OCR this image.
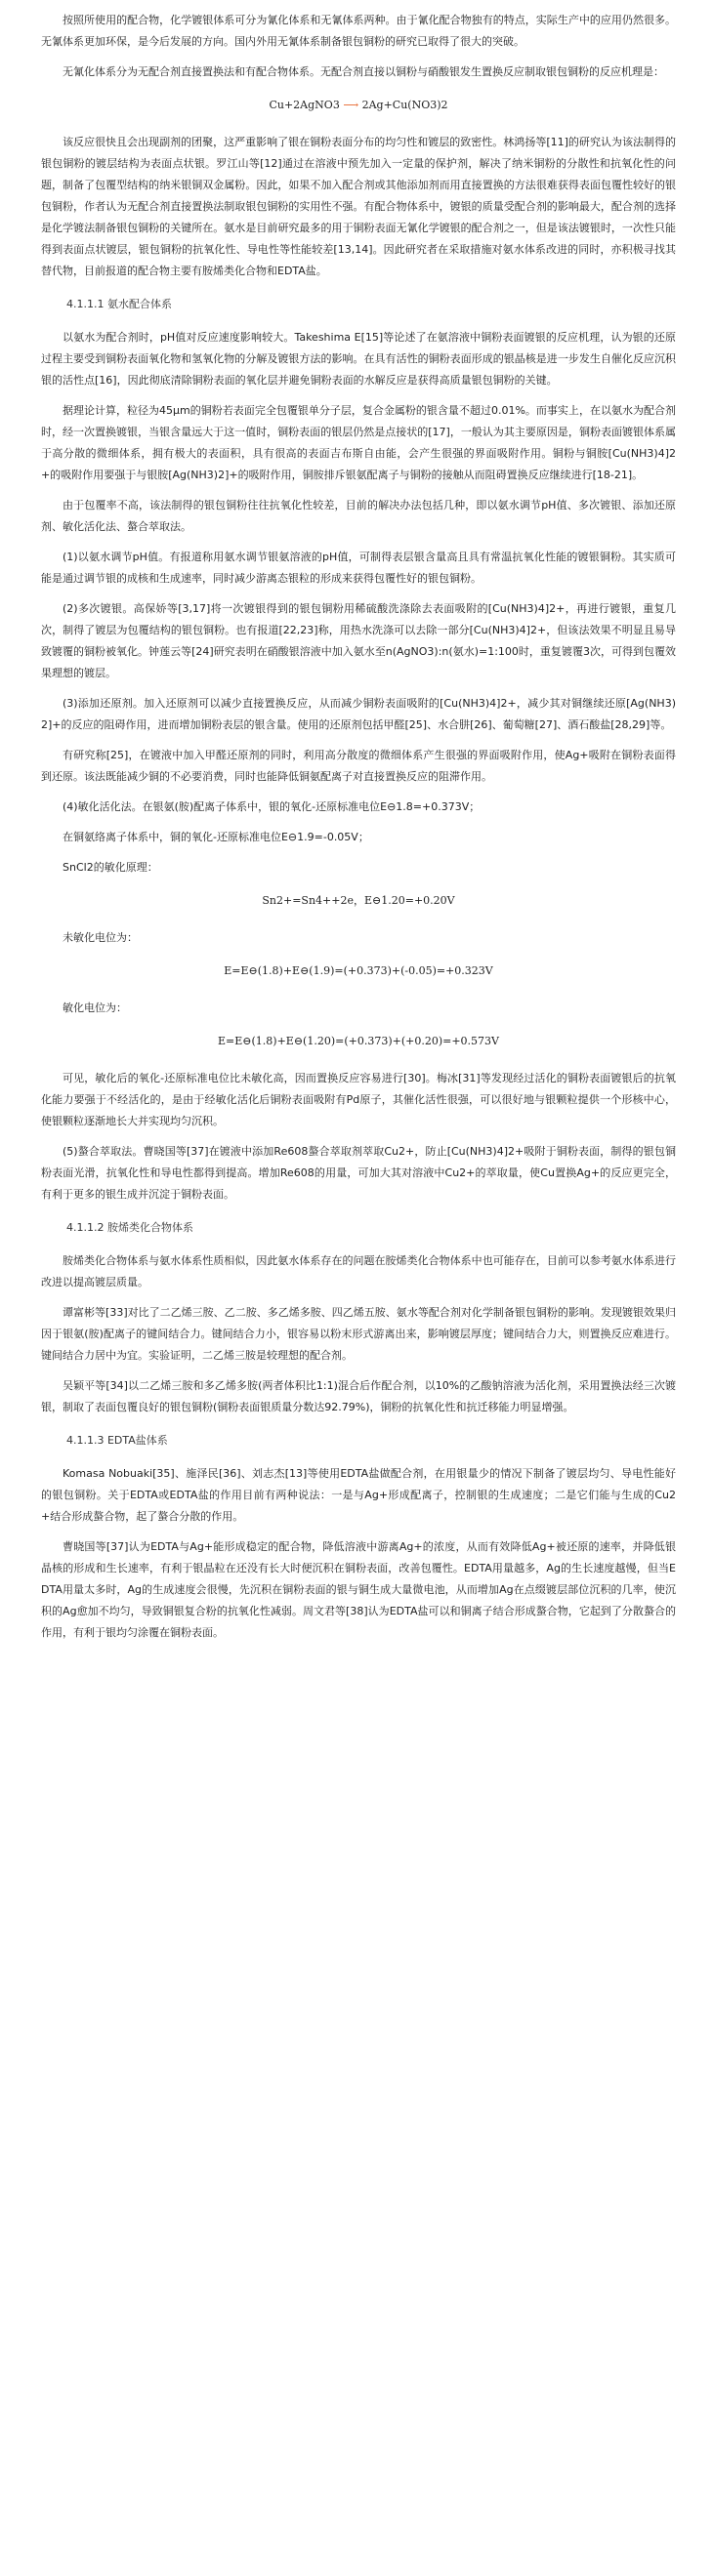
按照所使用的配合物，化学镀银体系可分为氰化体系和无氰体系两种。由于氰化配合物独有的特点，实际生产中的应用仍然很多。无氰体系更加环保，是今后发展的方向。国内外用无氰体系制备银包铜粉的研究已取得了很大的突破。

无氰化体系分为无配合剂直接置换法和有配合物体系。无配合剂直接以铜粉与硝酸银发生置换反应制取银包铜粉的反应机理是：

Cu+2AgNO3 ⟶ 2Ag+Cu(NO3)2

该反应很快且会出现副剂的团聚，这严重影响了银在铜粉表面分布的均匀性和镀层的致密性。林鸿扬等[11]的研究认为该法制得的银包铜粉的镀层结构为表面点状银。罗江山等[12]通过在溶液中预先加入一定量的保护剂，解决了纳米铜粉的分散性和抗氧化性的问题，制备了包覆型结构的纳米银铜双金属粉。因此，如果不加入配合剂或其他添加剂而用直接置换的方法很难获得表面包覆性较好的银包铜粉，作者认为无配合剂直接置换法制取银包铜粉的实用性不强。有配合物体系中，镀银的质量受配合剂的影响最大，配合剂的选择是化学镀法制备银包铜粉的关键所在。氨水是目前研究最多的用于铜粉表面无氰化学镀银的配合剂之一，但是该法镀银时，一次性只能得到表面点状镀层，银包铜粉的抗氧化性、导电性等性能较差[13,14]。因此研究者在采取措施对氨水体系改进的同时，亦积极寻找其替代物，目前报道的配合物主要有胺烯类化合物和EDTA盐。

4.1.1.1 氨水配合体系

以氨水为配合剂时，pH值对反应速度影响较大。Takeshima E[15]等论述了在氨溶液中铜粉表面镀银的反应机理，认为银的还原过程主要受到铜粉表面氧化物和氢氧化物的分解及镀银方法的影响。在具有活性的铜粉表面形成的银晶核是进一步发生自催化反应沉积银的活性点[16]，因此彻底清除铜粉表面的氧化层并避免铜粉表面的水解反应是获得高质量银包铜粉的关键。

据理论计算，粒径为45μm的铜粉若表面完全包覆银单分子层，复合金属粉的银含量不超过0.01%。而事实上，在以氨水为配合剂时，经一次置换镀银，当银含量远大于这一值时，铜粉表面的银层仍然是点接状的[17]，一般认为其主要原因是，铜粉表面镀银体系属于高分散的微细体系，拥有极大的表面积，具有很高的表面吉布斯自由能，会产生很强的界面吸附作用。铜粉与铜胺[Cu(NH3)4]2+的吸附作用要强于与银胺[Ag(NH3)2]+的吸附作用，铜胺排斥银氨配离子与铜粉的接触从而阻碍置换反应继续进行[18-21]。

由于包覆率不高，该法制得的银包铜粉往往抗氧化性较差，目前的解决办法包括几种，即以氨水调节pH值、多次镀银、添加还原剂、敏化活化法、螯合萃取法。

(1)以氨水调节pH值。有报道称用氨水调节银氨溶液的pH值，可制得表层银含量高且具有常温抗氧化性能的镀银铜粉。其实质可能是通过调节银的成核和生成速率，同时减少游离态银粒的形成来获得包覆性好的银包铜粉。

(2)多次镀银。高保娇等[3,17]将一次镀银得到的银包铜粉用稀硫酸洗涤除去表面吸附的[Cu(NH3)4]2+，再进行镀银，重复几次，制得了镀层为包覆结构的银包铜粉。也有报道[22,23]称，用热水洗涤可以去除一部分[Cu(NH3)4]2+，但该法效果不明显且易导致镀覆的铜粉被氧化。钟莲云等[24]研究表明在硝酸银溶液中加入氨水至n(AgNO3):n(氨水)=1:100时，重复镀覆3次，可得到包覆效果理想的镀层。

(3)添加还原剂。加入还原剂可以减少直接置换反应，从而减少铜粉表面吸附的[Cu(NH3)4]2+，减少其对铜继续还原[Ag(NH3)2]+的反应的阻碍作用，进而增加铜粉表层的银含量。使用的还原剂包括甲醛[25]、水合肼[26]、葡萄糖[27]、酒石酸盐[28,29]等。

有研究称[25]，在镀液中加入甲醛还原剂的同时，利用高分散度的微细体系产生很强的界面吸附作用，使Ag+吸附在铜粉表面得到还原。该法既能减少铜的不必要消费，同时也能降低铜氨配离子对直接置换反应的阻滞作用。

(4)敏化活化法。在银氨(胺)配离子体系中，银的氧化-还原标准电位E⊖1.8=+0.373V；

在铜氨络离子体系中，铜的氧化-还原标准电位E⊖1.9=-0.05V；

SnCl2的敏化原理：

Sn2+=Sn4++2e，E⊖1.20=+0.20V

未敏化电位为：

E=E⊖(1.8)+E⊖(1.9)=(+0.373)+(-0.05)=+0.323V

敏化电位为：

E=E⊖(1.8)+E⊖(1.20)=(+0.373)+(+0.20)=+0.573V

可见，敏化后的氧化-还原标准电位比未敏化高，因而置换反应容易进行[30]。梅冰[31]等发现经过活化的铜粉表面镀银后的抗氧化能力要强于不经活化的，是由于经敏化活化后铜粉表面吸附有Pd原子，其催化活性很强，可以很好地与银颗粒提供一个形核中心，使银颗粒逐渐地长大并实现均匀沉积。

(5)螯合萃取法。曹晓国等[37]在镀液中添加Re608螯合萃取剂萃取Cu2+，防止[Cu(NH3)4]2+吸附于铜粉表面，制得的银包铜粉表面光滑，抗氧化性和导电性都得到提高。增加Re608的用量，可加大其对溶液中Cu2+的萃取量，使Cu置换Ag+的反应更完全，有利于更多的银生成并沉淀于铜粉表面。

4.1.1.2 胺烯类化合物体系

胺烯类化合物体系与氨水体系性质相似，因此氨水体系存在的问题在胺烯类化合物体系中也可能存在，目前可以参考氨水体系进行改进以提高镀层质量。

谭富彬等[33]对比了二乙烯三胺、乙二胺、多乙烯多胺、四乙烯五胺、氨水等配合剂对化学制备银包铜粉的影响。发现镀银效果归因于银氨(胺)配离子的键间结合力。键间结合力小，银容易以粉末形式游离出来，影响镀层厚度；键间结合力大，则置换反应难进行。键间结合力居中为宜。实验证明，二乙烯三胺是较理想的配合剂。

吴颖平等[34]以二乙烯三胺和多乙烯多胺(两者体积比1:1)混合后作配合剂，以10%的乙酸钠溶液为活化剂，采用置换法经三次镀银，制取了表面包覆良好的银包铜粉(铜粉表面银质量分数达92.79%)，铜粉的抗氧化性和抗迁移能力明显增强。

4.1.1.3 EDTA盐体系

Komasa Nobuaki[35]、施泽民[36]、刘志杰[13]等使用EDTA盐做配合剂，在用银量少的情况下制备了镀层均匀、导电性能好的银包铜粉。关于EDTA或EDTA盐的作用目前有两种说法：一是与Ag+形成配离子，控制银的生成速度；二是它们能与生成的Cu2+结合形成螯合物，起了螯合分散的作用。

曹晓国等[37]认为EDTA与Ag+能形成稳定的配合物，降低溶液中游离Ag+的浓度，从而有效降低Ag+被还原的速率，并降低银晶核的形成和生长速率，有利于银晶粒在还没有长大时便沉积在铜粉表面，改善包覆性。EDTA用量越多，Ag的生长速度越慢，但当EDTA用量太多时，Ag的生成速度会很慢，先沉积在铜粉表面的银与铜生成大量微电池，从而增加Ag在点缀镀层部位沉积的几率，使沉积的Ag愈加不均匀，导致铜银复合粉的抗氧化性减弱。周文君等[38]认为EDTA盐可以和铜离子结合形成螯合物，它起到了分散螯合的作用，有利于银均匀涂覆在铜粉表面。
